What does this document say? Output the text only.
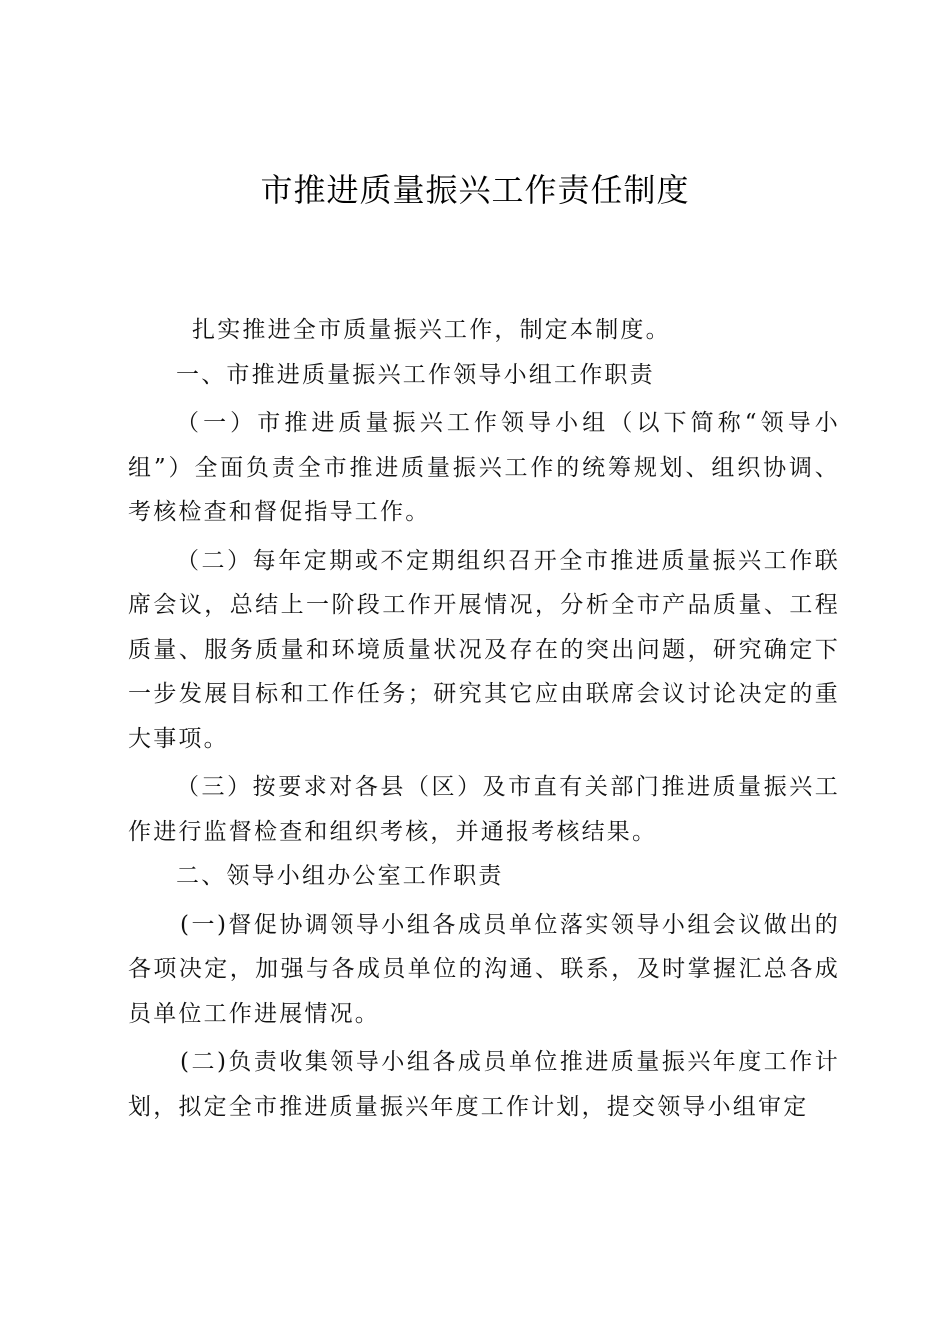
市推进质量振兴工作责任制度

扎实推进全市质量振兴工作，制定本制度。

一、市推进质量振兴工作领导小组工作职责

（一）市推进质量振兴工作领导小组（以下简称“领导小组”）全面负责全市推进质量振兴工作的统筹规划、组织协调、考核检查和督促指导工作。

（二）每年定期或不定期组织召开全市推进质量振兴工作联席会议，总结上一阶段工作开展情况，分析全市产品质量、工程质量、服务质量和环境质量状况及存在的突出问题，研究确定下一步发展目标和工作任务；研究其它应由联席会议讨论决定的重大事项。

（三）按要求对各县（区）及市直有关部门推进质量振兴工作进行监督检查和组织考核，并通报考核结果。

二、领导小组办公室工作职责

(一)督促协调领导小组各成员单位落实领导小组会议做出的各项决定，加强与各成员单位的沟通、联系，及时掌握汇总各成员单位工作进展情况。

(二)负责收集领导小组各成员单位推进质量振兴年度工作计划，拟定全市推进质量振兴年度工作计划，提交领导小组审定
